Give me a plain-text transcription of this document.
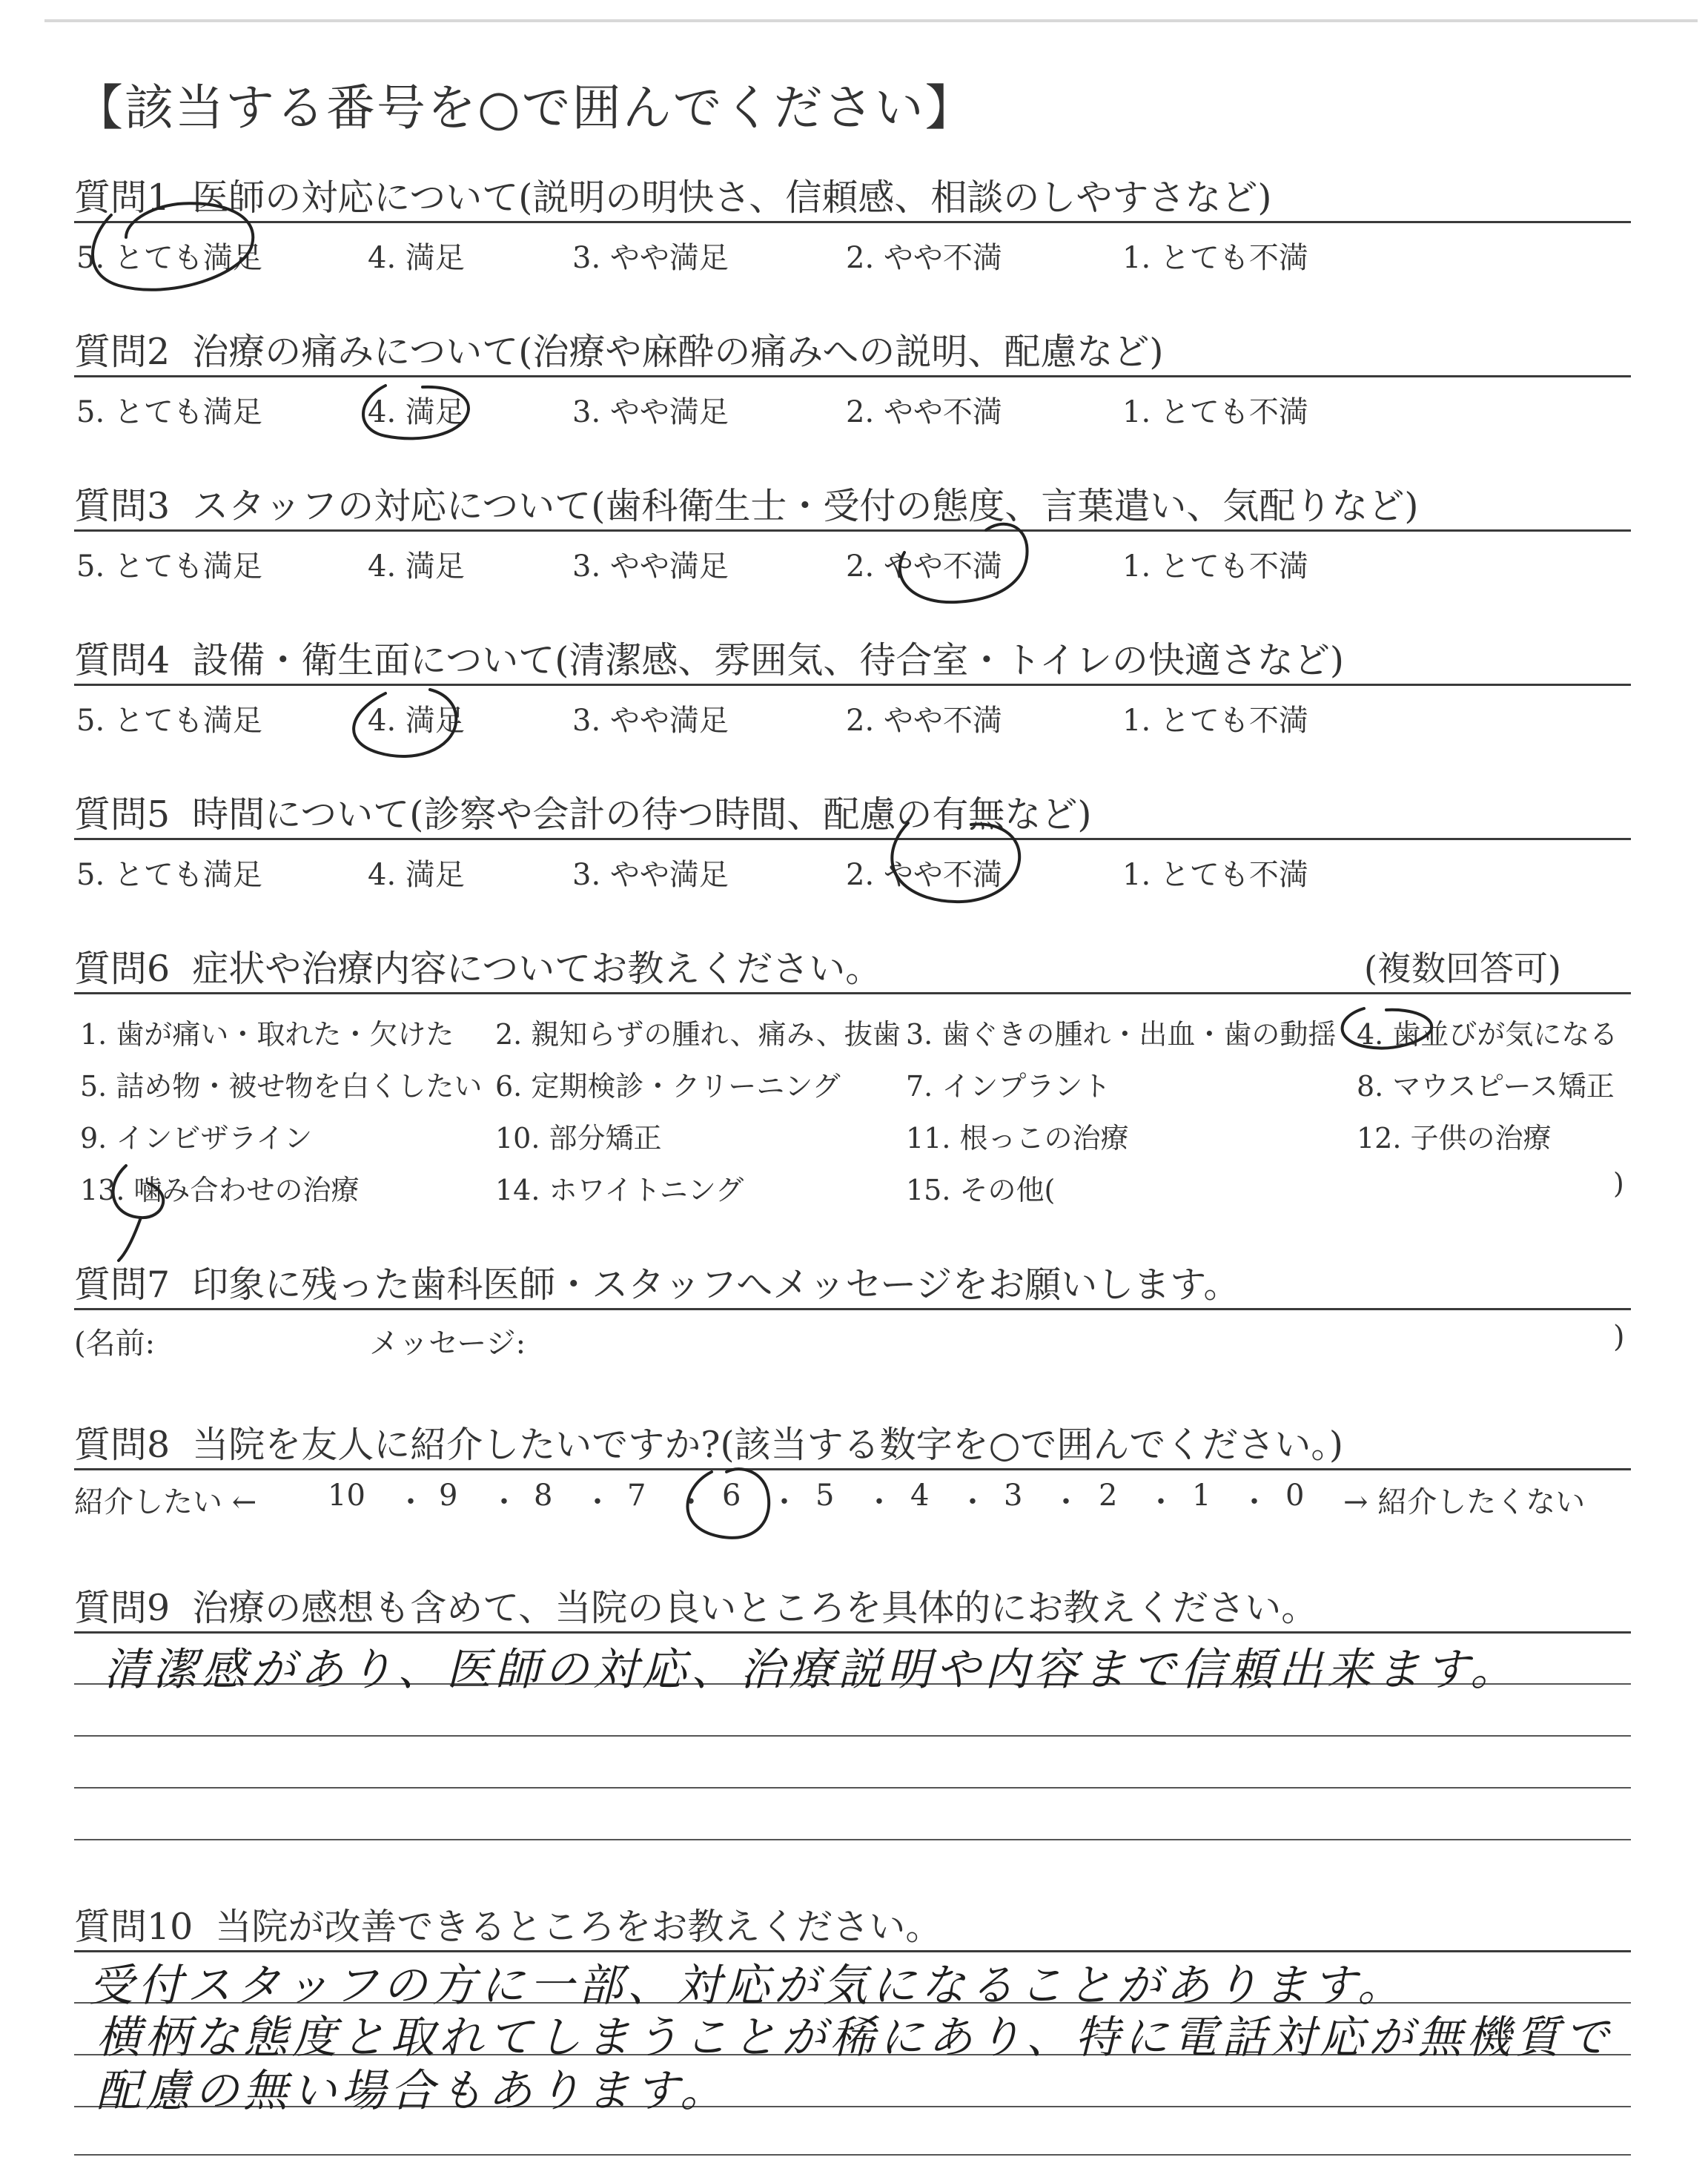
【該当する番号を○で囲んでください】
質問1 医師の対応について(説明の明快さ、信頼感、相談のしやすさなど)
5. とても満足	4. 満足	3. やや満足	2. やや不満	1. とても不満
質問2 治療の痛みについて(治療や麻酔の痛みへの説明、配慮など)
5. とても満足	4. 満足	3. やや満足	2. やや不満	1. とても不満
質問3 スタッフの対応について(歯科衛生士・受付の態度、言葉遣い、気配りなど)
5. とても満足	4. 満足	3. やや満足	2. やや不満	1. とても不満
質問4 設備・衛生面について(清潔感、雰囲気、待合室・トイレの快適さなど)
5. とても満足	4. 満足	3. やや満足	2. やや不満	1. とても不満
質問5 時間について(診察や会計の待つ時間、配慮の有無など)
5. とても満足	4. 満足	3. やや満足	2. やや不満	1. とても不満
質問6 症状や治療内容についてお教えください。	(複数回答可)
1. 歯が痛い・取れた・欠けた 2. 親知らずの腫れ、痛み、抜歯 3. 歯ぐきの腫れ・出血・歯の動揺 4. 歯並びが気になる
5. 詰め物・被せ物を白くしたい 6. 定期検診・クリーニング 7. インプラント	8. マウスピース矯正
9. インビザライン	10. 部分矯正	11. 根っこの治療	12. 子供の治療
13. 噛み合わせの治療	14. ホワイトニング	15. その他(	)
質問7 印象に残った歯科医師・スタッフへメッセージをお願いします。
(名前:	メッセージ:	)
質問8 当院を友人に紹介したいですか?(該当する数字を○で囲んでください。)
紹介したい ←	→ 紹介したくない
10 ・ 9 ・ 8 ・ 7 ・ 6 ・ 5 ・ 4 ・ 3 ・ 2 ・ 1 ・ 0
質問9 治療の感想も含めて、当院の良いところを具体的にお教えください。
清潔感があり、医師の対応、治療説明や内容まで信頼出来ます。
質問10 当院が改善できるところをお教えください。
受付スタッフの方に一部、対応が気になることがあります。
横柄な態度と取れてしまうことが稀にあり、特に電話対応が無機質で
配慮の無い場合もあります。
